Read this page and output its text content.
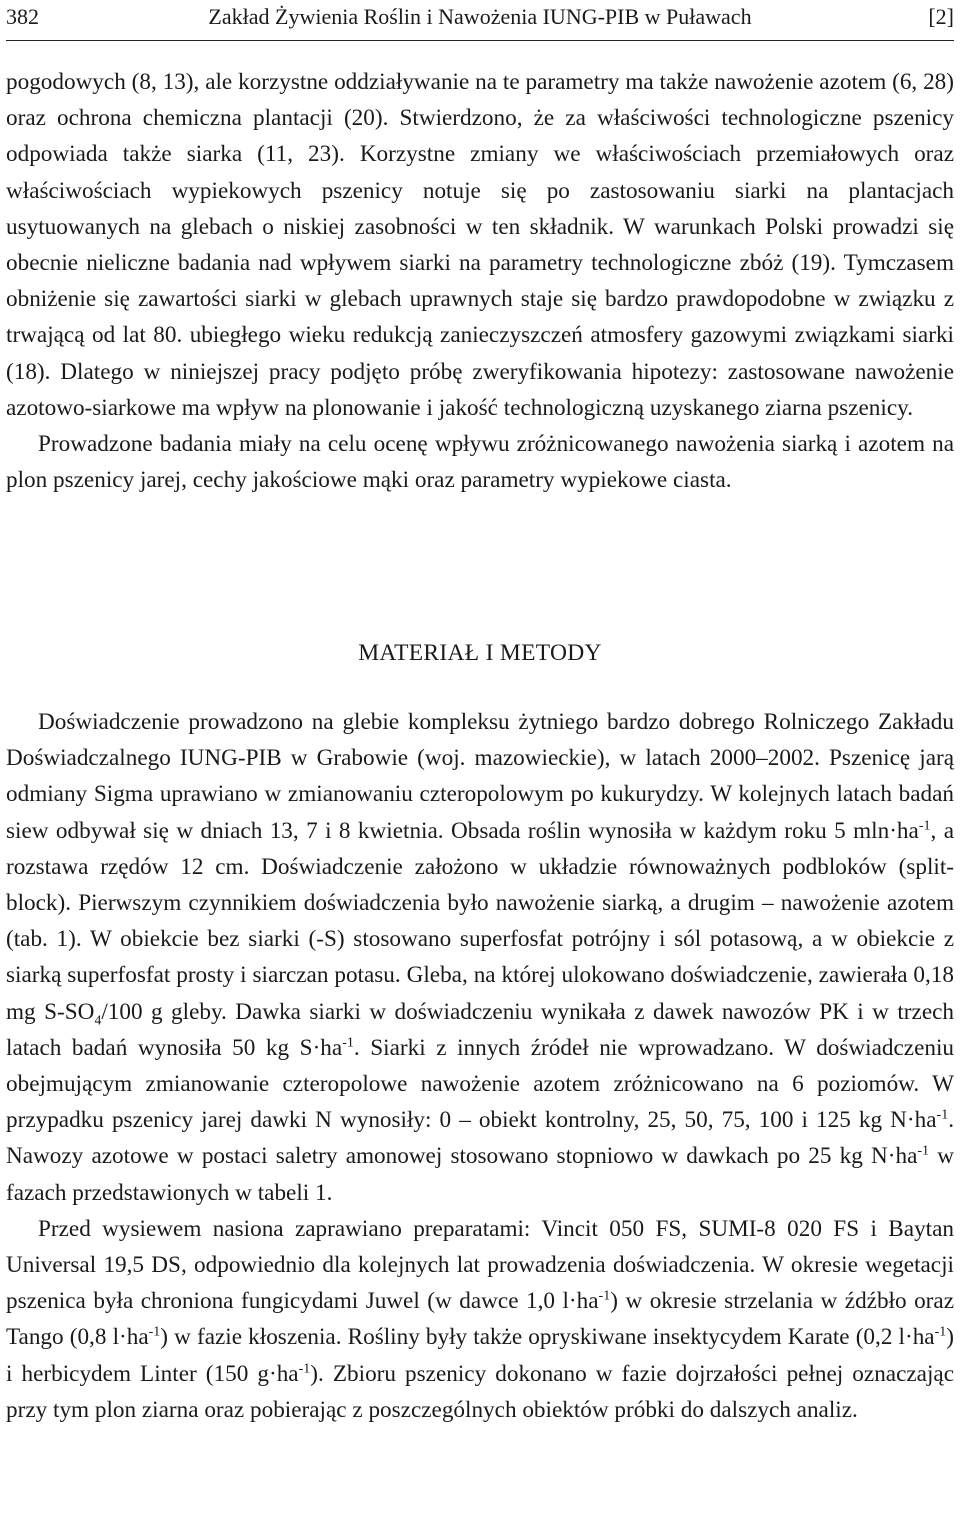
382	Zakład Żywienia Roślin i Nawożenia IUNG-PIB w Puławach	[2]

pogodowych (8, 13), ale korzystne oddziaływanie na te parametry ma także nawożenie azotem (6, 28) oraz ochrona chemiczna plantacji (20). Stwierdzono, że za właściwości technologiczne pszenicy odpowiada także siarka (11, 23). Korzystne zmiany we właściwościach przemiałowych oraz właściwościach wypiekowych pszenicy notuje się po zastosowaniu siarki na plantacjach usytuowanych na glebach o niskiej zasobności w ten składnik. W warunkach Polski prowadzi się obecnie nieliczne badania nad wpływem siarki na parametry technologiczne zbóż (19). Tymczasem obniżenie się zawartości siarki w glebach uprawnych staje się bardzo prawdopodobne w związku z trwającą od lat 80. ubiegłego wieku redukcją zanieczyszczeń atmosfery gazowymi związkami siarki (18). Dlatego w niniejszej pracy podjęto próbę zweryfikowania hipotezy: zastosowane nawożenie azotowo-siarkowe ma wpływ na plonowanie i jakość technologiczną uzyskanego ziarna pszenicy.

Prowadzone badania miały na celu ocenę wpływu zróżnicowanego nawożenia siarką i azotem na plon pszenicy jarej, cechy jakościowe mąki oraz parametry wypiekowe ciasta.

MATERIAŁ I METODY

Doświadczenie prowadzono na glebie kompleksu żytniego bardzo dobrego Rolniczego Zakładu Doświadczalnego IUNG-PIB w Grabowie (woj. mazowieckie), w latach 2000–2002. Pszenicę jarą odmiany Sigma uprawiano w zmianowaniu czteropolowym po kukurydzy. W kolejnych latach badań siew odbywał się w dniach 13, 7 i 8 kwietnia. Obsada roślin wynosiła w każdym roku 5 $mln\cdot ha^{-1}$, a rozstawa rzędów 12 cm. Doświadczenie założono w układzie równoważnych podbloków (split-block). Pierwszym czynnikiem doświadczenia było nawożenie siarką, a drugim – nawożenie azotem (tab. 1). W obiekcie bez siarki (-S) stosowano superfosfat potrójny i sól potasową, a w obiekcie z siarką superfosfat prosty i siarczan potasu. Gleba, na której ulokowano doświadczenie, zawierała 0,18 mg $S-SO_4/100$ g gleby. Dawka siarki w doświadczeniu wynikała z dawek nawozów PK i w trzech latach badań wynosiła 50 kg $S\cdot ha^{-1}$. Siarki z innych źródeł nie wprowadzano. W doświadczeniu obejmującym zmianowanie czteropolowe nawożenie azotem zróżnicowano na 6 poziomów. W przypadku pszenicy jarej dawki N wynosiły: 0 – obiekt kontrolny, 25, 50, 75, 100 i 125 kg $N\cdot ha^{-1}$. Nawozy azotowe w postaci saletry amonowej stosowano stopniowo w dawkach po 25 kg $N\cdot ha^{-1}$ w fazach przedstawionych w tabeli 1.

Przed wysiewem nasiona zaprawiano preparatami: Vincit 050 FS, SUMI-8 020 FS i Baytan Universal 19,5 DS, odpowiednio dla kolejnych lat prowadzenia doświadczenia. W okresie wegetacji pszenica była chroniona fungicydami Juwel (w dawce 1,0 $l\cdot ha^{-1}$) w okresie strzelania w źdźbło oraz Tango (0,8 $l\cdot ha^{-1}$) w fazie kłoszenia. Rośliny były także opryskiwane insektycydem Karate (0,2 $l\cdot ha^{-1}$) i herbicydem Linter (150 $g\cdot ha^{-1}$). Zbioru pszenicy dokonano w fazie dojrzałości pełnej oznaczając przy tym plon ziarna oraz pobierając z poszczególnych obiektów próbki do dalszych analiz.
